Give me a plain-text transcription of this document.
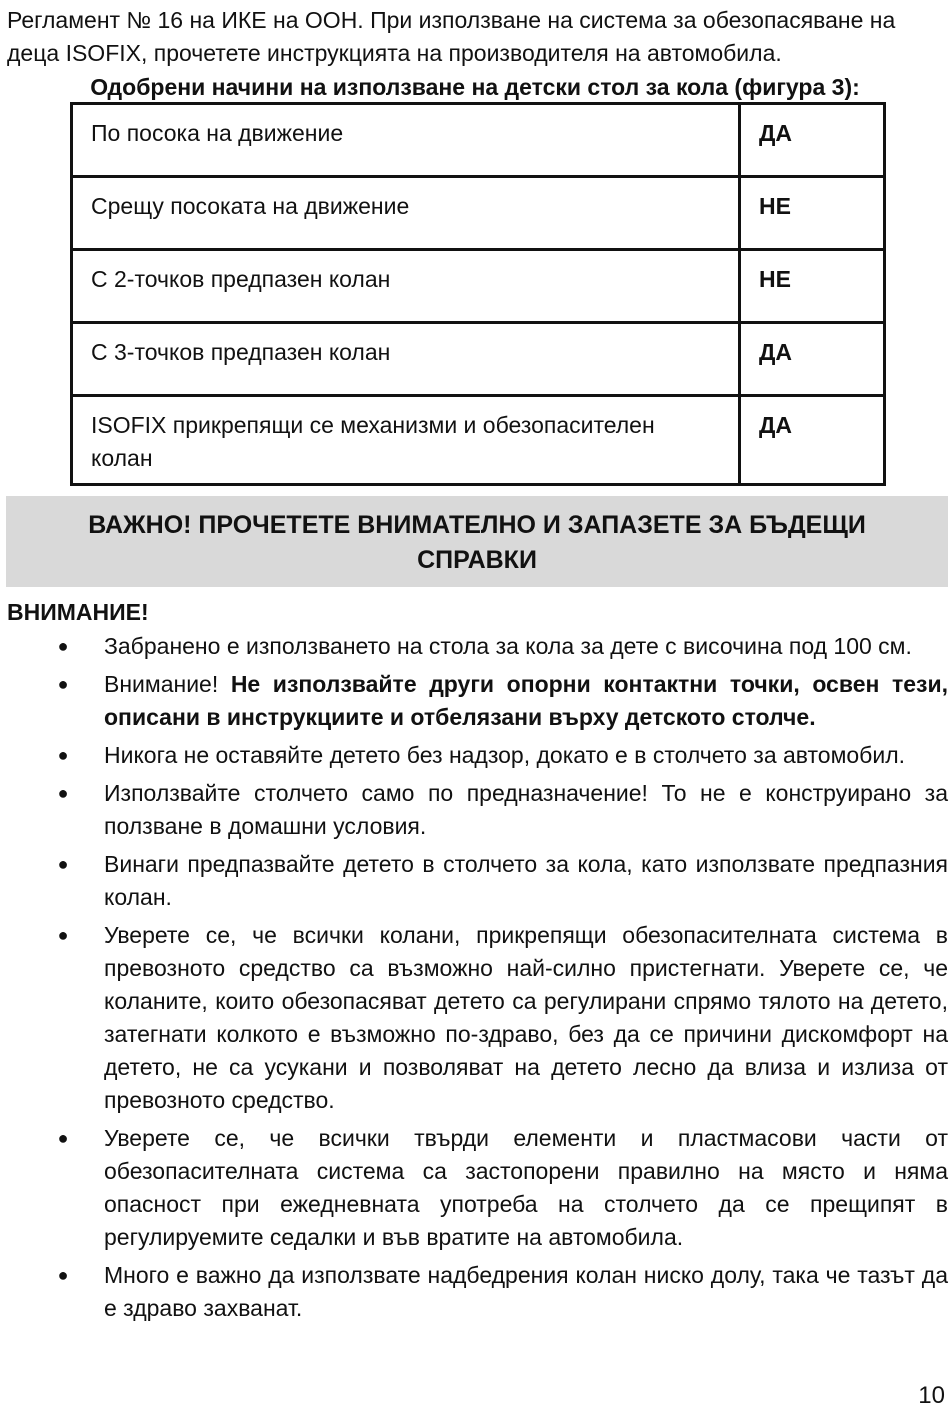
Регламент № 16 на ИКЕ на ООН. При използване на система за обезопасяване на деца ISOFIX, прочетете инструкцията на производителя на автомобила.

Одобрени начини на използване на детски стол за кола (фигура 3):

По посока на движение	ДА
Срещу посоката на движение	НЕ
С 2-точков предпазен колан	НЕ
С 3-точков предпазен колан	ДА
ISOFIX прикрепящи се механизми и обезопасителен колан	ДА
ВАЖНО! ПРОЧЕТЕТЕ ВНИМАТЕЛНО И ЗАПАЗЕТЕ ЗА БЪДЕЩИ СПРАВКИ

ВНИМАНИЕ!

● Забранено е използването на стола за кола за дете с височина под 100 см.
● Внимание! Не използвайте други опорни контактни точки, освен тези, описани в инструкциите и отбелязани върху детското столче.
● Никога не оставяйте детето без надзор, докато е в столчето за автомобил.
● Използвайте столчето само по предназначение! То не е конструирано за ползване в домашни условия.
● Винаги предпазвайте детето в столчето за кола, като използвате предпазния колан.
● Уверете се, че всички колани, прикрепящи обезопасителната система в превозното средство са възможно най-силно пристегнати. Уверете се, че коланите, които обезопасяват детето са регулирани спрямо тялото на детето, затегнати колкото е възможно по-здраво, без да се причини дискомфорт на детето, не са усукани и позволяват на детето лесно да влиза и излиза от превозното средство.
● Уверете се, че всички твърди елементи и пластмасови части от обезопасителната система са застопорени правилно на място и няма опасност при ежедневната употреба на столчето да се прещипят в регулируемите седалки и във вратите на автомобила.
● Много е важно да използвате надбедрения колан ниско долу, така че тазът да е здраво захванат.
10
